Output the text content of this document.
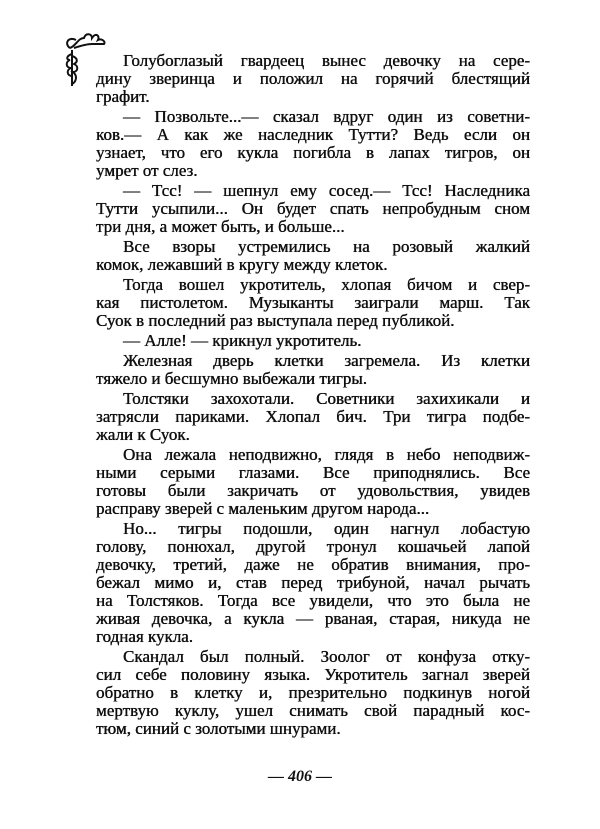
Голубоглазый гвардеец вынес девочку на сере-
дину зверинца и положил на горячий блестящий
графит.
— Позвольте...— сказал вдруг один из советни-
ков.— А как же наследник Тутти? Ведь если он
узнает, что его кукла погибла в лапах тигров, он
умрет от слез.
— Тсс! — шепнул ему сосед.— Тсс! Наследника
Тутти усыпили... Он будет спать непробудным сном
три дня, а может быть, и больше...
Все взоры устремились на розовый жалкий
комок, лежавший в кругу между клеток.
Тогда вошел укротитель, хлопая бичом и свер-
кая пистолетом. Музыканты заиграли марш. Так
Суок в последний раз выступала перед публикой.
— Алле! — крикнул укротитель.
Железная дверь клетки загремела. Из клетки
тяжело и бесшумно выбежали тигры.
Толстяки захохотали. Советники захихикали и
затрясли париками. Хлопал бич. Три тигра подбе-
жали к Суок.
Она лежала неподвижно, глядя в небо неподвиж-
ными серыми глазами. Все приподнялись. Все
готовы были закричать от удовольствия, увидев
расправу зверей с маленьким другом народа...
Но... тигры подошли, один нагнул лобастую
голову, понюхал, другой тронул кошачьей лапой
девочку, третий, даже не обратив внимания, про-
бежал мимо и, став перед трибуной, начал рычать
на Толстяков. Тогда все увидели, что это была не
живая девочка, а кукла — рваная, старая, никуда не
годная кукла.
Скандал был полный. Зоолог от конфуза отку-
сил себе половину языка. Укротитель загнал зверей
обратно в клетку и, презрительно подкинув ногой
мертвую куклу, ушел снимать свой парадный кос-
тюм, синий с золотыми шнурами.
— 406 —
